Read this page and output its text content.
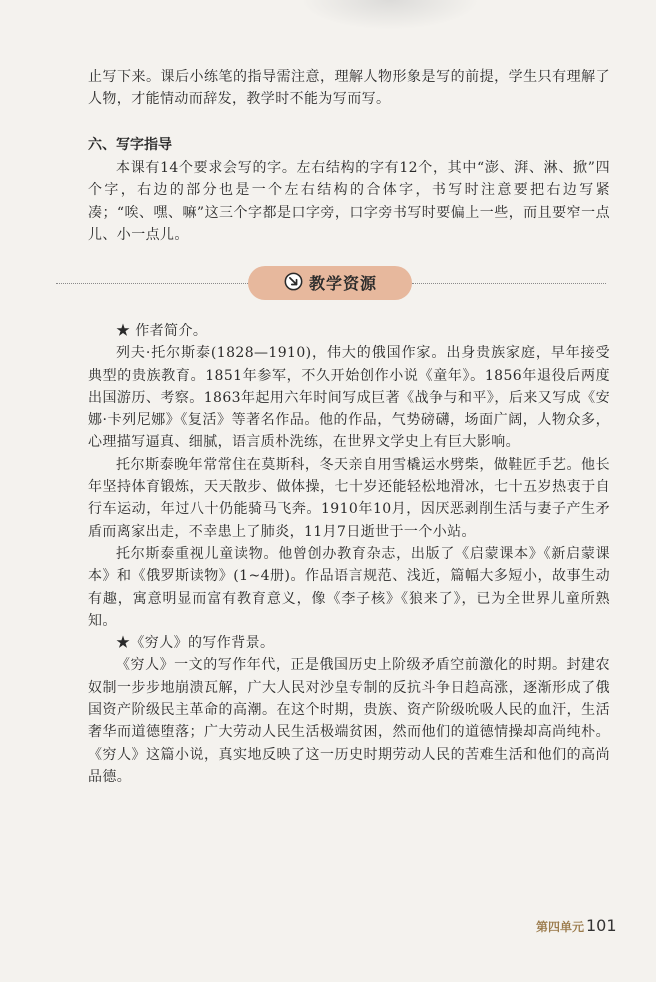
止写下来。课后小练笔的指导需注意，理解人物形象是写的前提，学生只有理解了人物，才能情动而辞发，教学时不能为写而写。

六、写字指导

本课有14个要求会写的字。左右结构的字有12个，其中“澎、湃、淋、掀”四个字，右边的部分也是一个左右结构的合体字，书写时注意要把右边写紧凑；“唉、嘿、嘛”这三个字都是口字旁，口字旁书写时要偏上一些，而且要窄一点儿、小一点儿。

教学资源

★ 作者简介。

列夫·托尔斯泰(1828—1910)，伟大的俄国作家。出身贵族家庭，早年接受典型的贵族教育。1851年参军，不久开始创作小说《童年》。1856年退役后两度出国游历、考察。1863年起用六年时间写成巨著《战争与和平》，后来又写成《安娜·卡列尼娜》《复活》等著名作品。他的作品，气势磅礴，场面广阔，人物众多，心理描写逼真、细腻，语言质朴洗练，在世界文学史上有巨大影响。

托尔斯泰晚年常常住在莫斯科，冬天亲自用雪橇运水劈柴，做鞋匠手艺。他长年坚持体育锻炼，天天散步、做体操，七十岁还能轻松地滑冰，七十五岁热衷于自行车运动，年过八十仍能骑马飞奔。1910年10月，因厌恶剥削生活与妻子产生矛盾而离家出走，不幸患上了肺炎，11月7日逝世于一个小站。

托尔斯泰重视儿童读物。他曾创办教育杂志，出版了《启蒙课本》《新启蒙课本》和《俄罗斯读物》(1~4册)。作品语言规范、浅近，篇幅大多短小，故事生动有趣，寓意明显而富有教育意义，像《李子核》《狼来了》，已为全世界儿童所熟知。

★《穷人》的写作背景。

《穷人》一文的写作年代，正是俄国历史上阶级矛盾空前激化的时期。封建农奴制一步步地崩溃瓦解，广大人民对沙皇专制的反抗斗争日趋高涨，逐渐形成了俄国资产阶级民主革命的高潮。在这个时期，贵族、资产阶级吮吸人民的血汗，生活奢华而道德堕落；广大劳动人民生活极端贫困，然而他们的道德情操却高尚纯朴。《穷人》这篇小说，真实地反映了这一历史时期劳动人民的苦难生活和他们的高尚品德。

第四单元 101
